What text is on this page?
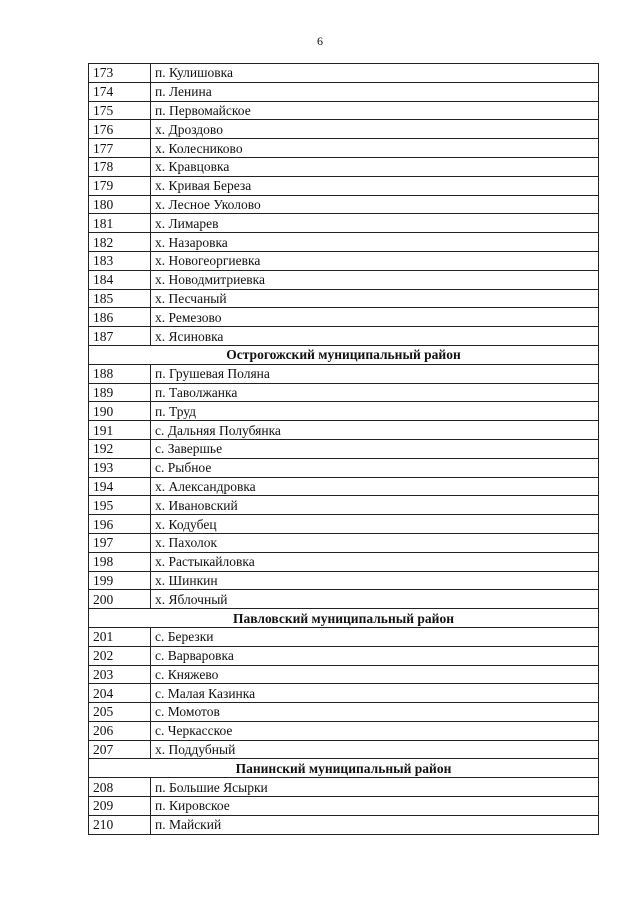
6
173	п. Кулишовка
174	п. Ленина
175	п. Первомайское
176	х. Дроздово
177	х. Колесниково
178	х. Кравцовка
179	х. Кривая Береза
180	х. Лесное Уколово
181	х. Лимарев
182	х. Назаровка
183	х. Новогеоргиевка
184	х. Новодмитриевка
185	х. Песчаный
186	х. Ремезово
187	х. Ясиновка
Острогожский муниципальный район	
188	п. Грушевая Поляна
189	п. Таволжанка
190	п. Труд
191	с. Дальняя Полубянка
192	с. Завершье
193	с. Рыбное
194	х. Александровка
195	х. Ивановский
196	х. Кодубец
197	х. Пахолок
198	х. Растыкайловка
199	х. Шинкин
200	х. Яблочный
Павловский муниципальный район	
201	с. Березки
202	с. Варваровка
203	с. Княжево
204	с. Малая Казинка
205	с. Момотов
206	с. Черкасское
207	х. Поддубный
Панинский муниципальный район	
208	п. Большие Ясырки
209	п. Кировское
210	п. Майский
